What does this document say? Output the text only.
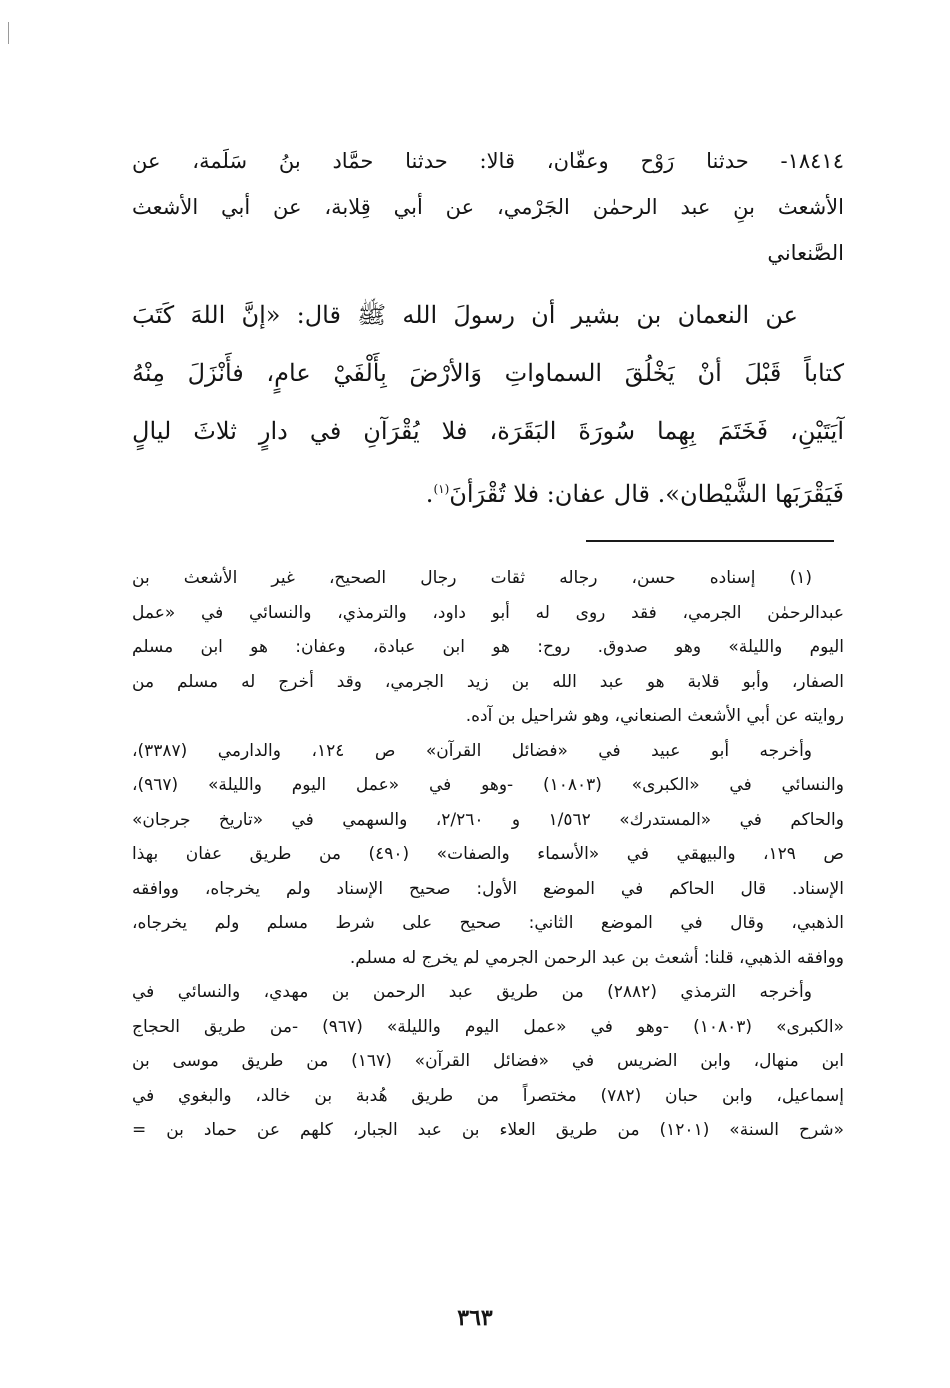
١٨٤١٤- حدثنا رَوْح وعفّان، قالا: حدثنا حمَّاد بنُ سَلَمة، عن
الأشعث بنِ عبد الرحمٰن الجَرْمي، عن أبي قِلابة، عن أبي الأشعث
الصَّنعاني
عن النعمان بن بشير أن رسولَ الله ﷺ قال: «إنَّ اللهَ كَتَبَ
كتاباً قَبْلَ أنْ يَخْلُقَ السماواتِ وَالأرْضَ بِأَلْفَيْ عامٍ، فأَنْزَلَ مِنْهُ
آيَتَيْنِ، فَخَتَمَ بِهِما سُورَةَ البَقَرَة، فلا يُقْرَآنِ في دارٍ ثلاثَ ليالٍ
فَيَقْرَبَها الشَّيْطان». قال عفان: فلا تُقْرَأنَ$^{(١)}$.
(١) إسناده حسن، رجاله ثقات رجال الصحيح، غير الأشعث بن
عبدالرحمٰن الجرمي، فقد روى له أبو داود، والترمذي، والنسائي في «عمل
اليوم والليلة» وهو صدوق. روح: هو ابن عبادة، وعفان: هو ابن مسلم
الصفار، وأبو قلابة هو عبد الله بن زيد الجرمي، وقد أخرج له مسلم من
روايته عن أبي الأشعث الصنعاني، وهو شراحيل بن آده.
وأخرجه أبو عبيد في «فضائل القرآن» ص ١٢٤، والدارمي (٣٣٨٧)،
والنسائي في «الكبرى» (١٠٨٠٣) -وهو في «عمل اليوم والليلة» (٩٦٧)،
والحاكم في «المستدرك» ١/٥٦٢ و ٢/٢٦٠، والسهمي في «تاريخ جرجان»
ص ١٢٩، والبيهقي في «الأسماء والصفات» (٤٩٠) من طريق عفان بهذا
الإسناد. قال الحاكم في الموضع الأول: صحيح الإسناد ولم يخرجاه، ووافقه
الذهبي، وقال في الموضع الثاني: صحيح على شرط مسلم ولم يخرجاه،
ووافقه الذهبي، قلنا: أشعث بن عبد الرحمن الجرمي لم يخرج له مسلم.
وأخرجه الترمذي (٢٨٨٢) من طريق عبد الرحمن بن مهدي، والنسائي في
«الكبرى» (١٠٨٠٣) -وهو في «عمل اليوم والليلة» (٩٦٧) -من طريق الحجاج
ابن منهال، وابن الضريس في «فضائل القرآن» (١٦٧) من طريق موسى بن
إسماعيل، وابن حبان (٧٨٢) مختصراً من طريق هُدبة بن خالد، والبغوي في
«شرح السنة» (١٢٠١) من طريق العلاء بن عبد الجبار، كلهم عن حماد بن =
٣٦٣
